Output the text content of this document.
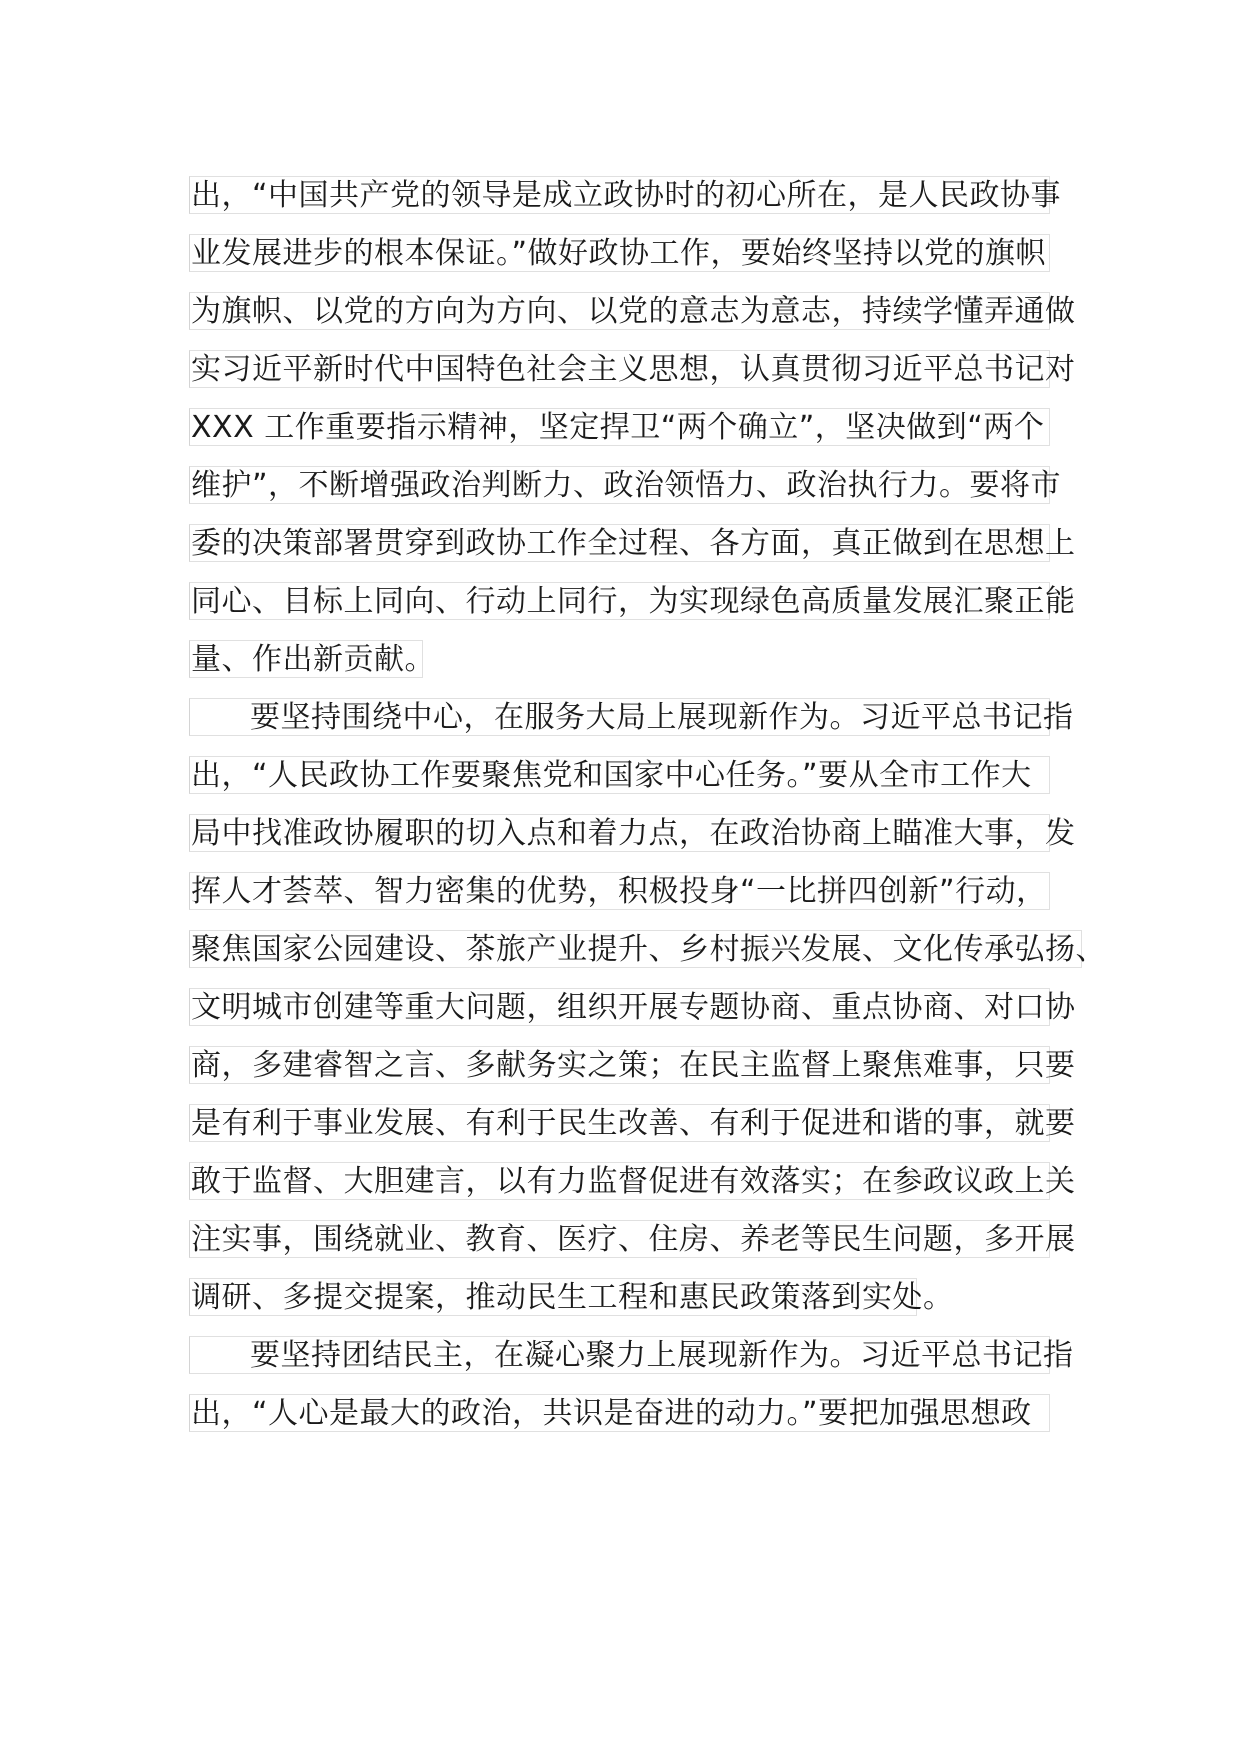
出，“中国共产党的领导是成立政协时的初心所在，是人民政协事
业发展进步的根本保证。”做好政协工作，要始终坚持以党的旗帜
为旗帜、以党的方向为方向、以党的意志为意志，持续学懂弄通做
实习近平新时代中国特色社会主义思想，认真贯彻习近平总书记对
XXX 工作重要指示精神，坚定捍卫“两个确立”，坚决做到“两个
维护”，不断增强政治判断力、政治领悟力、政治执行力。要将市
委的决策部署贯穿到政协工作全过程、各方面，真正做到在思想上
同心、目标上同向、行动上同行，为实现绿色高质量发展汇聚正能
量、作出新贡献。
要坚持围绕中心，在服务大局上展现新作为。习近平总书记指
出，“人民政协工作要聚焦党和国家中心任务。”要从全市工作大
局中找准政协履职的切入点和着力点，在政治协商上瞄准大事，发
挥人才荟萃、智力密集的优势，积极投身“一比拼四创新”行动，
聚焦国家公园建设、茶旅产业提升、乡村振兴发展、文化传承弘扬、
文明城市创建等重大问题，组织开展专题协商、重点协商、对口协
商，多建睿智之言、多献务实之策；在民主监督上聚焦难事，只要
是有利于事业发展、有利于民生改善、有利于促进和谐的事，就要
敢于监督、大胆建言，以有力监督促进有效落实；在参政议政上关
注实事，围绕就业、教育、医疗、住房、养老等民生问题，多开展
调研、多提交提案，推动民生工程和惠民政策落到实处。
要坚持团结民主，在凝心聚力上展现新作为。习近平总书记指
出，“人心是最大的政治，共识是奋进的动力。”要把加强思想政
